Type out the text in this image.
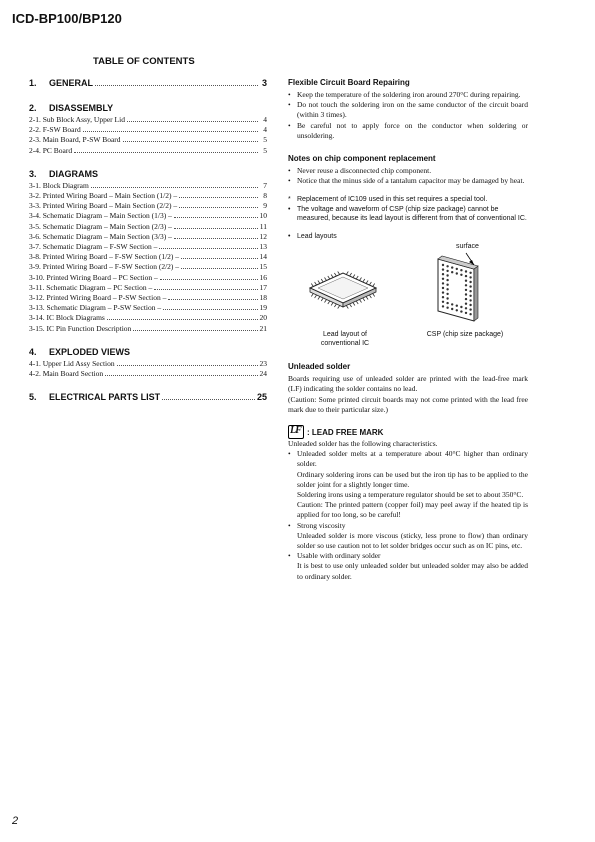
ICD-BP100/BP120
TABLE OF CONTENTS
1.	GENERAL	3
2.	DISASSEMBLY
2-1. Sub Block Assy, Upper Lid	4
2-2. F-SW Board	4
2-3. Main Board, P-SW Board	5
2-4. PC Board	5
3.	DIAGRAMS
3-1. Block Diagram	7
3-2. Printed Wiring Board – Main Section (1/2) –	8
3-3. Printed Wiring Board – Main Section (2/2) –	9
3-4. Schematic Diagram – Main Section (1/3) –	10
3-5. Schematic Diagram – Main Section (2/3) –	11
3-6. Schematic Diagram – Main Section (3/3) –	12
3-7. Schematic Diagram – F-SW Section –	13
3-8. Printed Wiring Board – F-SW Section (1/2) –	14
3-9. Printed Wiring Board – F-SW Section (2/2) –	15
3-10. Printed Wiring Board – PC Section –	16
3-11. Schematic Diagram – PC Section –	17
3-12. Printed Wiring Board – P-SW Section –	18
3-13. Schematic Diagram – P-SW Section –	19
3-14. IC Block Diagrams	20
3-15. IC Pin Function Description	21
4.	EXPLODED VIEWS
4-1. Upper Lid Assy Section	23
4-2. Main Board Section	24
5.	ELECTRICAL PARTS LIST	25
Flexible Circuit Board Repairing
• Keep the temperature of the soldering iron around 270°C during repairing.
• Do not touch the soldering iron on the same conductor of the circuit board (within 3 times).
• Be careful not to apply force on the conductor when soldering or unsoldering.
Notes on chip component replacement
• Never reuse a disconnected chip component.
• Notice that the minus side of a tantalum capacitor may be damaged by heat.
* Replacement of IC109 used in this set requires a special tool.
• The voltage and waveform of CSP (chip size package) cannot be measured, because its lead layout is different from that of conventional IC.
• Lead layouts
surface
Lead layout of conventional IC
CSP (chip size package)
Unleaded solder
Boards requiring use of unleaded solder are printed with the lead-free mark (LF) indicating the solder contains no lead.
(Caution: Some printed circuit boards may not come printed with the lead free mark due to their particular size.)
LF : LEAD FREE MARK
Unleaded solder has the following characteristics.
• Unleaded solder melts at a temperature about 40°C higher than ordinary solder.
Ordinary soldering irons can be used but the iron tip has to be applied to the solder joint for a slightly longer time.
Soldering irons using a temperature regulator should be set to about 350°C.
Caution: The printed pattern (copper foil) may peel away if the heated tip is applied for too long, so be careful!
• Strong viscosity
Unleaded solder is more viscous (sticky, less prone to flow) than ordinary solder so use caution not to let solder bridges occur such as on IC pins, etc.
• Usable with ordinary solder
It is best to use only unleaded solder but unleaded solder may also be added to ordinary solder.
2
